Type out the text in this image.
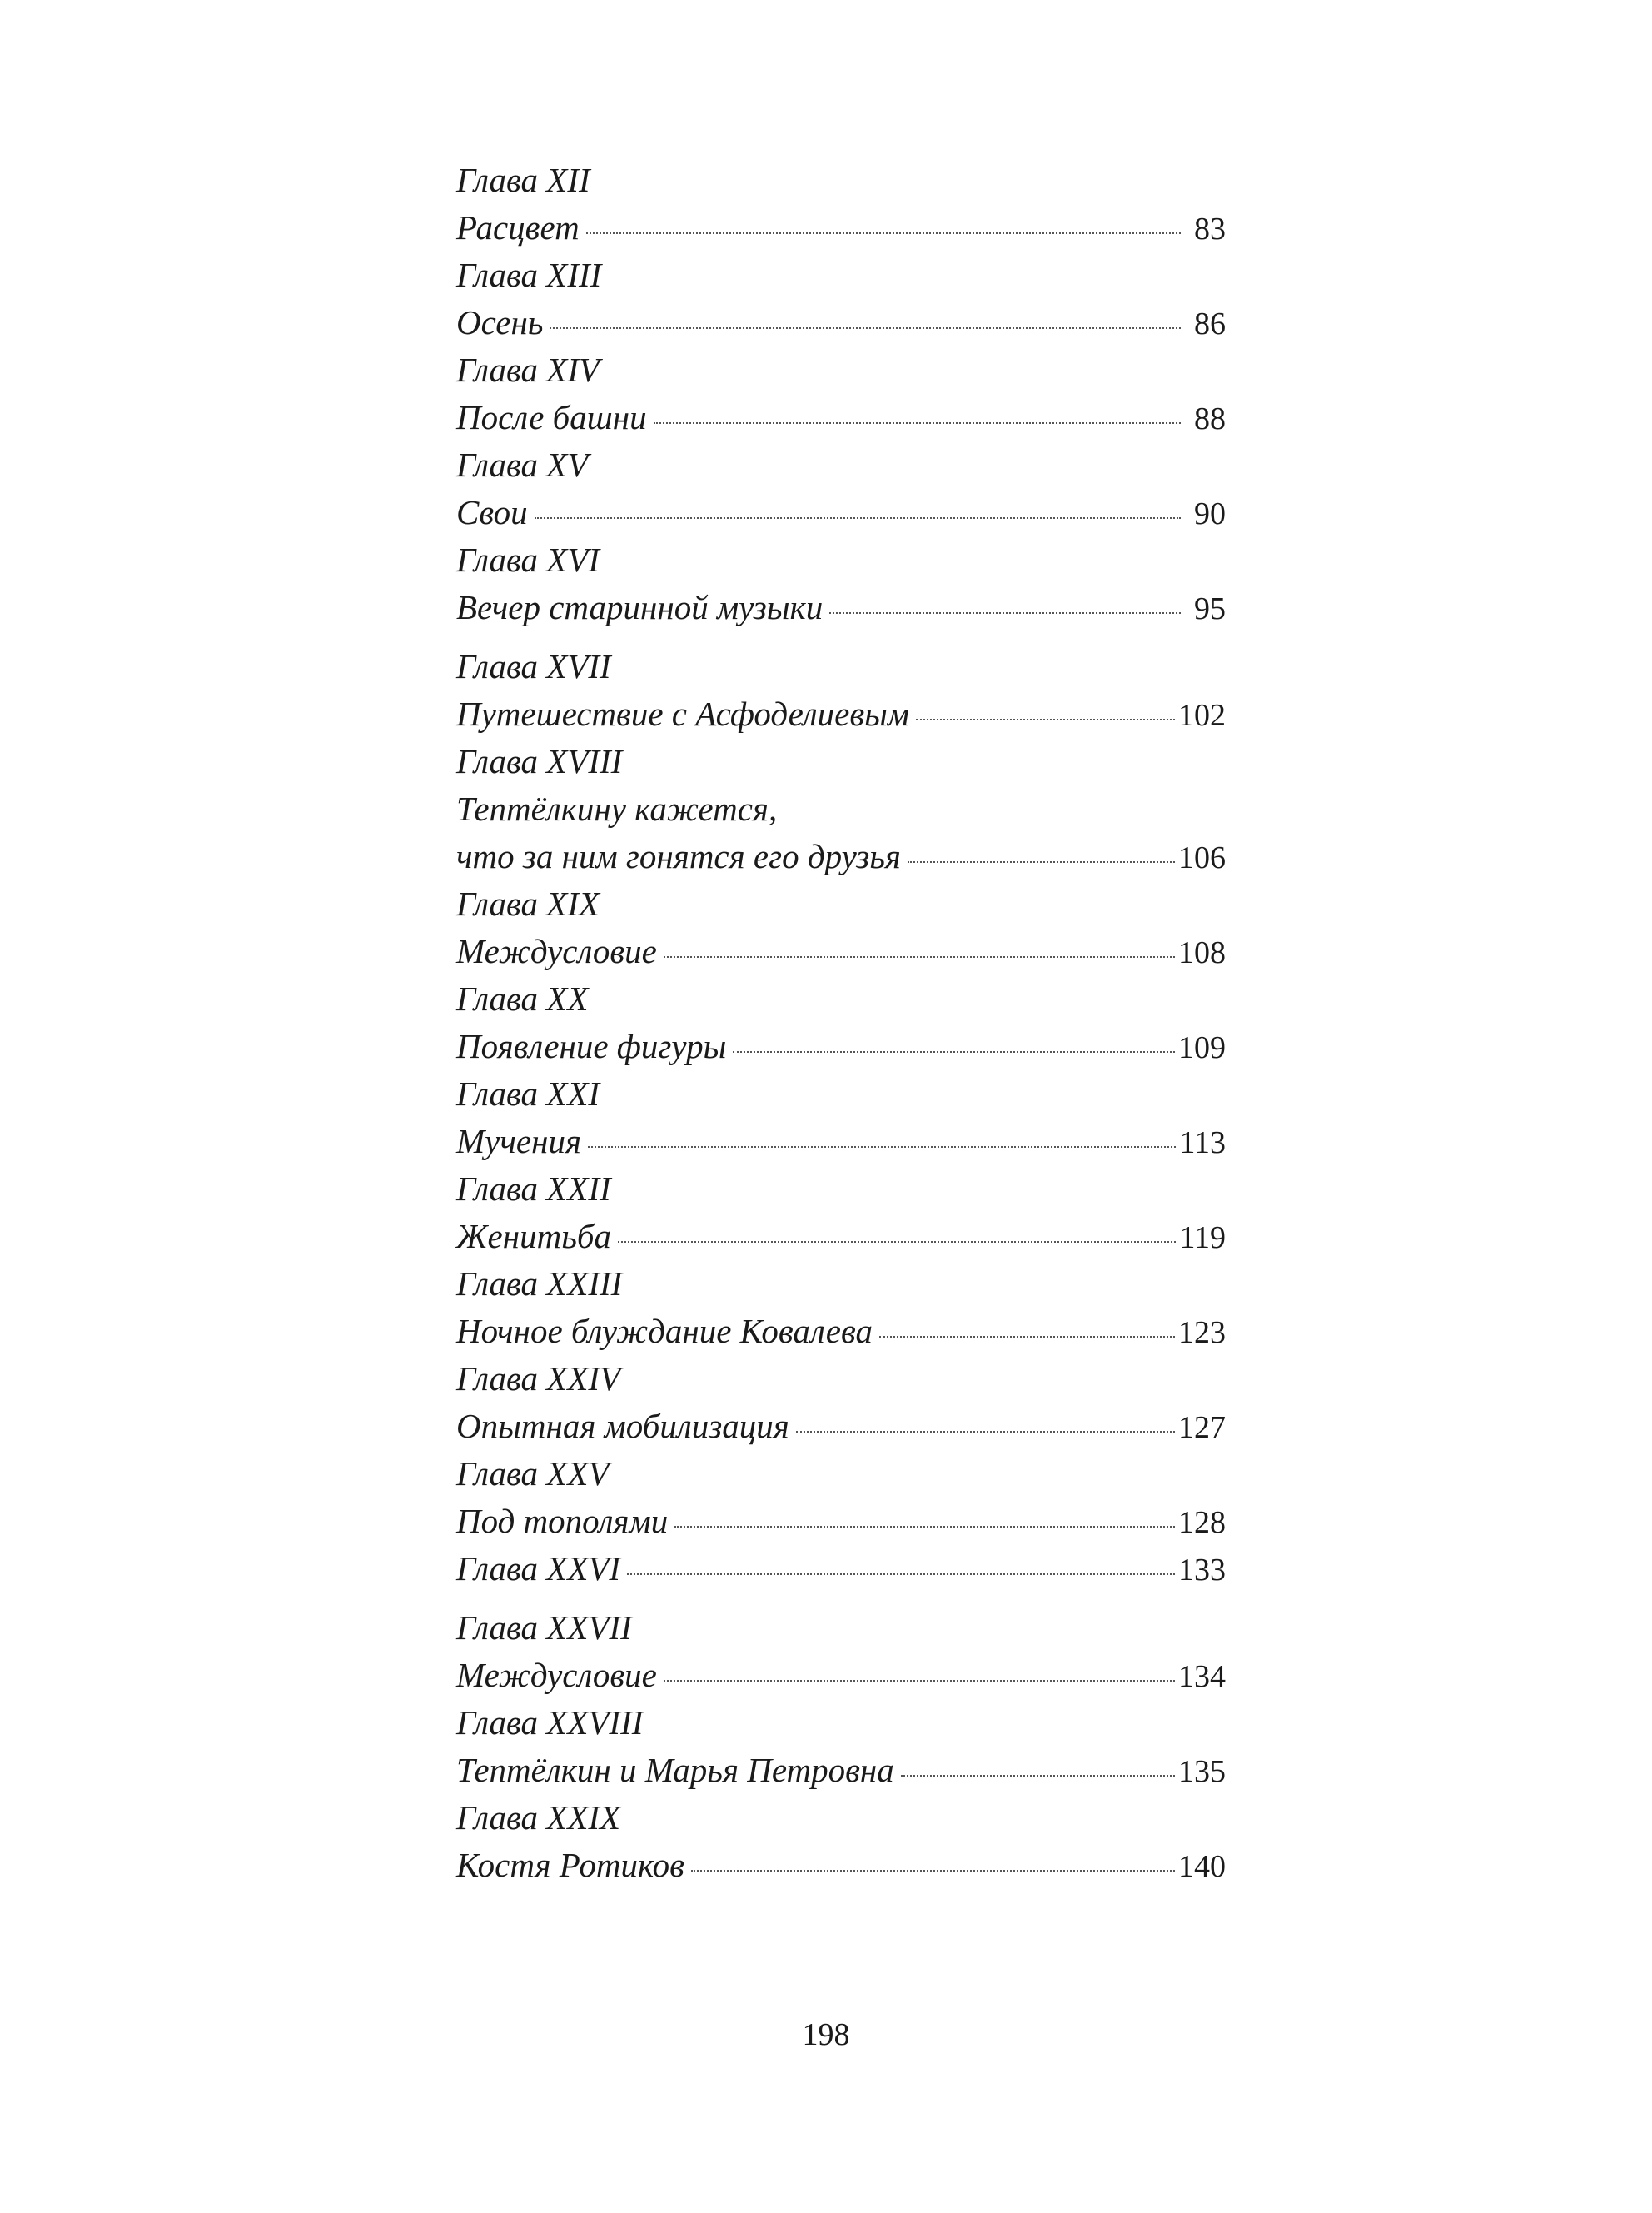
Глава XII
Расцвет	83
Глава XIII
Осень	86
Глава XIV
После башни	88
Глава XV
Свои	90
Глава XVI
Вечер старинной музыки	95
Глава XVII
Путешествие с Асфоделиевым	102
Глава XVIII
Тептёлкину кажется,
что за ним гонятся его друзья	106
Глава XIX
Междусловие	108
Глава XX
Появление фигуры	109
Глава XXI
Мучения	113
Глава XXII
Женитьба	119
Глава XXIII
Ночное блуждание Ковалева	123
Глава XXIV
Опытная мобилизация	127
Глава XXV
Под тополями	128
Глава XXVI	133
Глава XXVII
Междусловие	134
Глава XXVIII
Тептёлкин и Марья Петровна	135
Глава XXIX
Костя Ротиков	140
198
